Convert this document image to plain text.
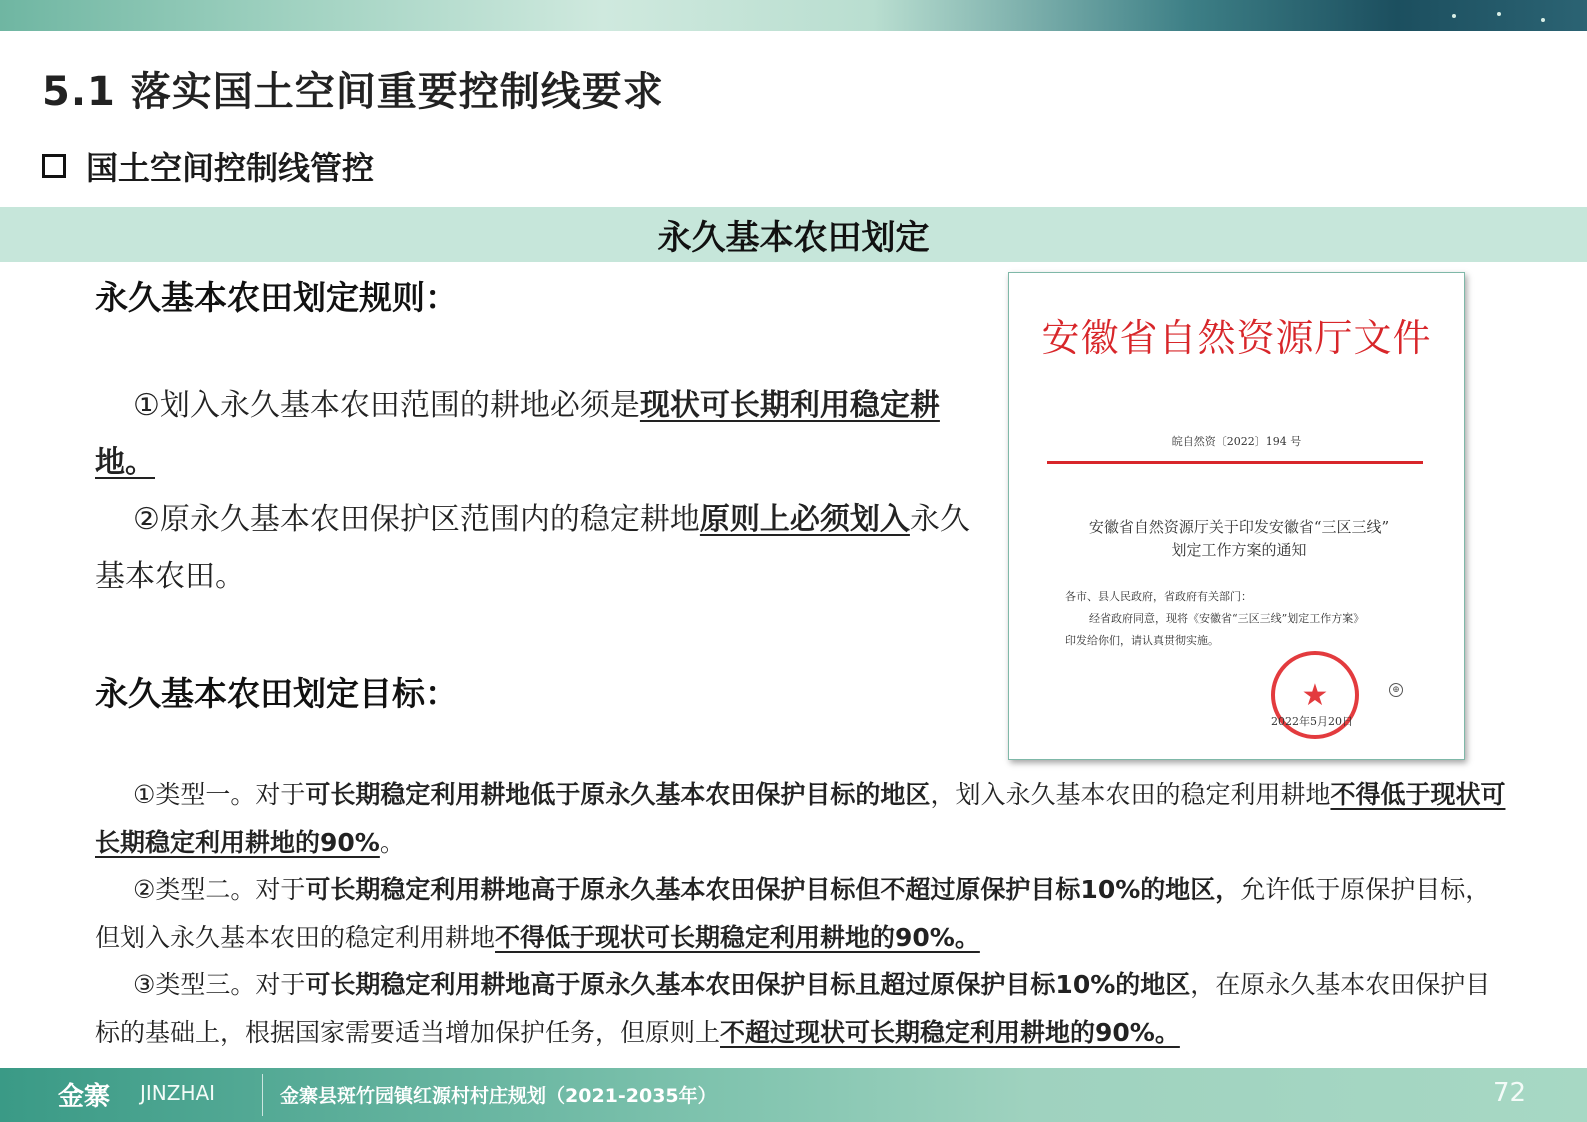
5.1 落实国土空间重要控制线要求
国土空间控制线管控
永久基本农田划定
永久基本农田划定规则：

①划入永久基本农田范围的耕地必须是现状可长期利用稳定耕地。

②原永久基本农田保护区范围内的稳定耕地原则上必须划入永久基本农田。

永久基本农田划定目标：

①类型一。对于可长期稳定利用耕地低于原永久基本农田保护目标的地区，划入永久基本农田的稳定利用耕地不得低于现状可长期稳定利用耕地的90%。

②类型二。对于可长期稳定利用耕地高于原永久基本农田保护目标但不超过原保护目标10%的地区，允许低于原保护目标，但划入永久基本农田的稳定利用耕地不得低于现状可长期稳定利用耕地的90%。

③类型三。对于可长期稳定利用耕地高于原永久基本农田保护目标且超过原保护目标10%的地区，在原永久基本农田保护目标的基础上，根据国家需要适当增加保护任务，但原则上不超过现状可长期稳定利用耕地的90%。

安徽省自然资源厅文件
皖自然资〔2022〕194 号
安徽省自然资源厅关于印发安徽省“三区三线”
划定工作方案的通知
各市、县人民政府，省政府有关部门：
经省政府同意，现将《安徽省“三区三线”划定工作方案》
印发给你们，请认真贯彻实施。
★
2022年5月20日
⊕
金寨 JINZHAI	金寨县斑竹园镇红源村村庄规划（2021-2035年）	72
